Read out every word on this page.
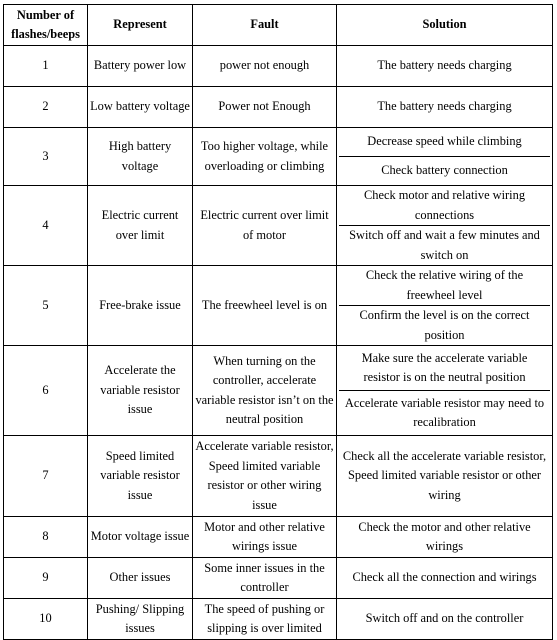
Number of flashes/beeps	Represent	Fault	Solution
1	Battery power low	power not enough	The battery needs charging

2	Low battery voltage	Power not Enough	The battery needs charging

3	High battery voltage	Too higher voltage, while overloading or climbing	Decrease speed while climbing
Check battery connection

4	Electric current over limit	Electric current over limit of motor	Check motor and relative wiring connections
Switch off and wait a few minutes and switch on

5	Free-brake issue	The freewheel level is on	Check the relative wiring of the freewheel level
Confirm the level is on the correct position

6	Accelerate the variable resistor issue	When turning on the controller, accelerate variable resistor isn’t on the neutral position	Make sure the accelerate variable resistor is on the neutral position
Accelerate variable resistor may need to recalibration

7	Speed limited variable resistor issue	Accelerate variable resistor, Speed limited variable resistor or other wiring issue	Check all the accelerate variable resistor, Speed limited variable resistor or other wiring

8	Motor voltage issue	Motor and other relative wirings issue	Check the motor and other relative wirings

9	Other issues	Some inner issues in the controller	Check all the connection and wirings

10	Pushing/ Slipping issues	The speed of pushing or slipping is over limited	Switch off and on the controller
